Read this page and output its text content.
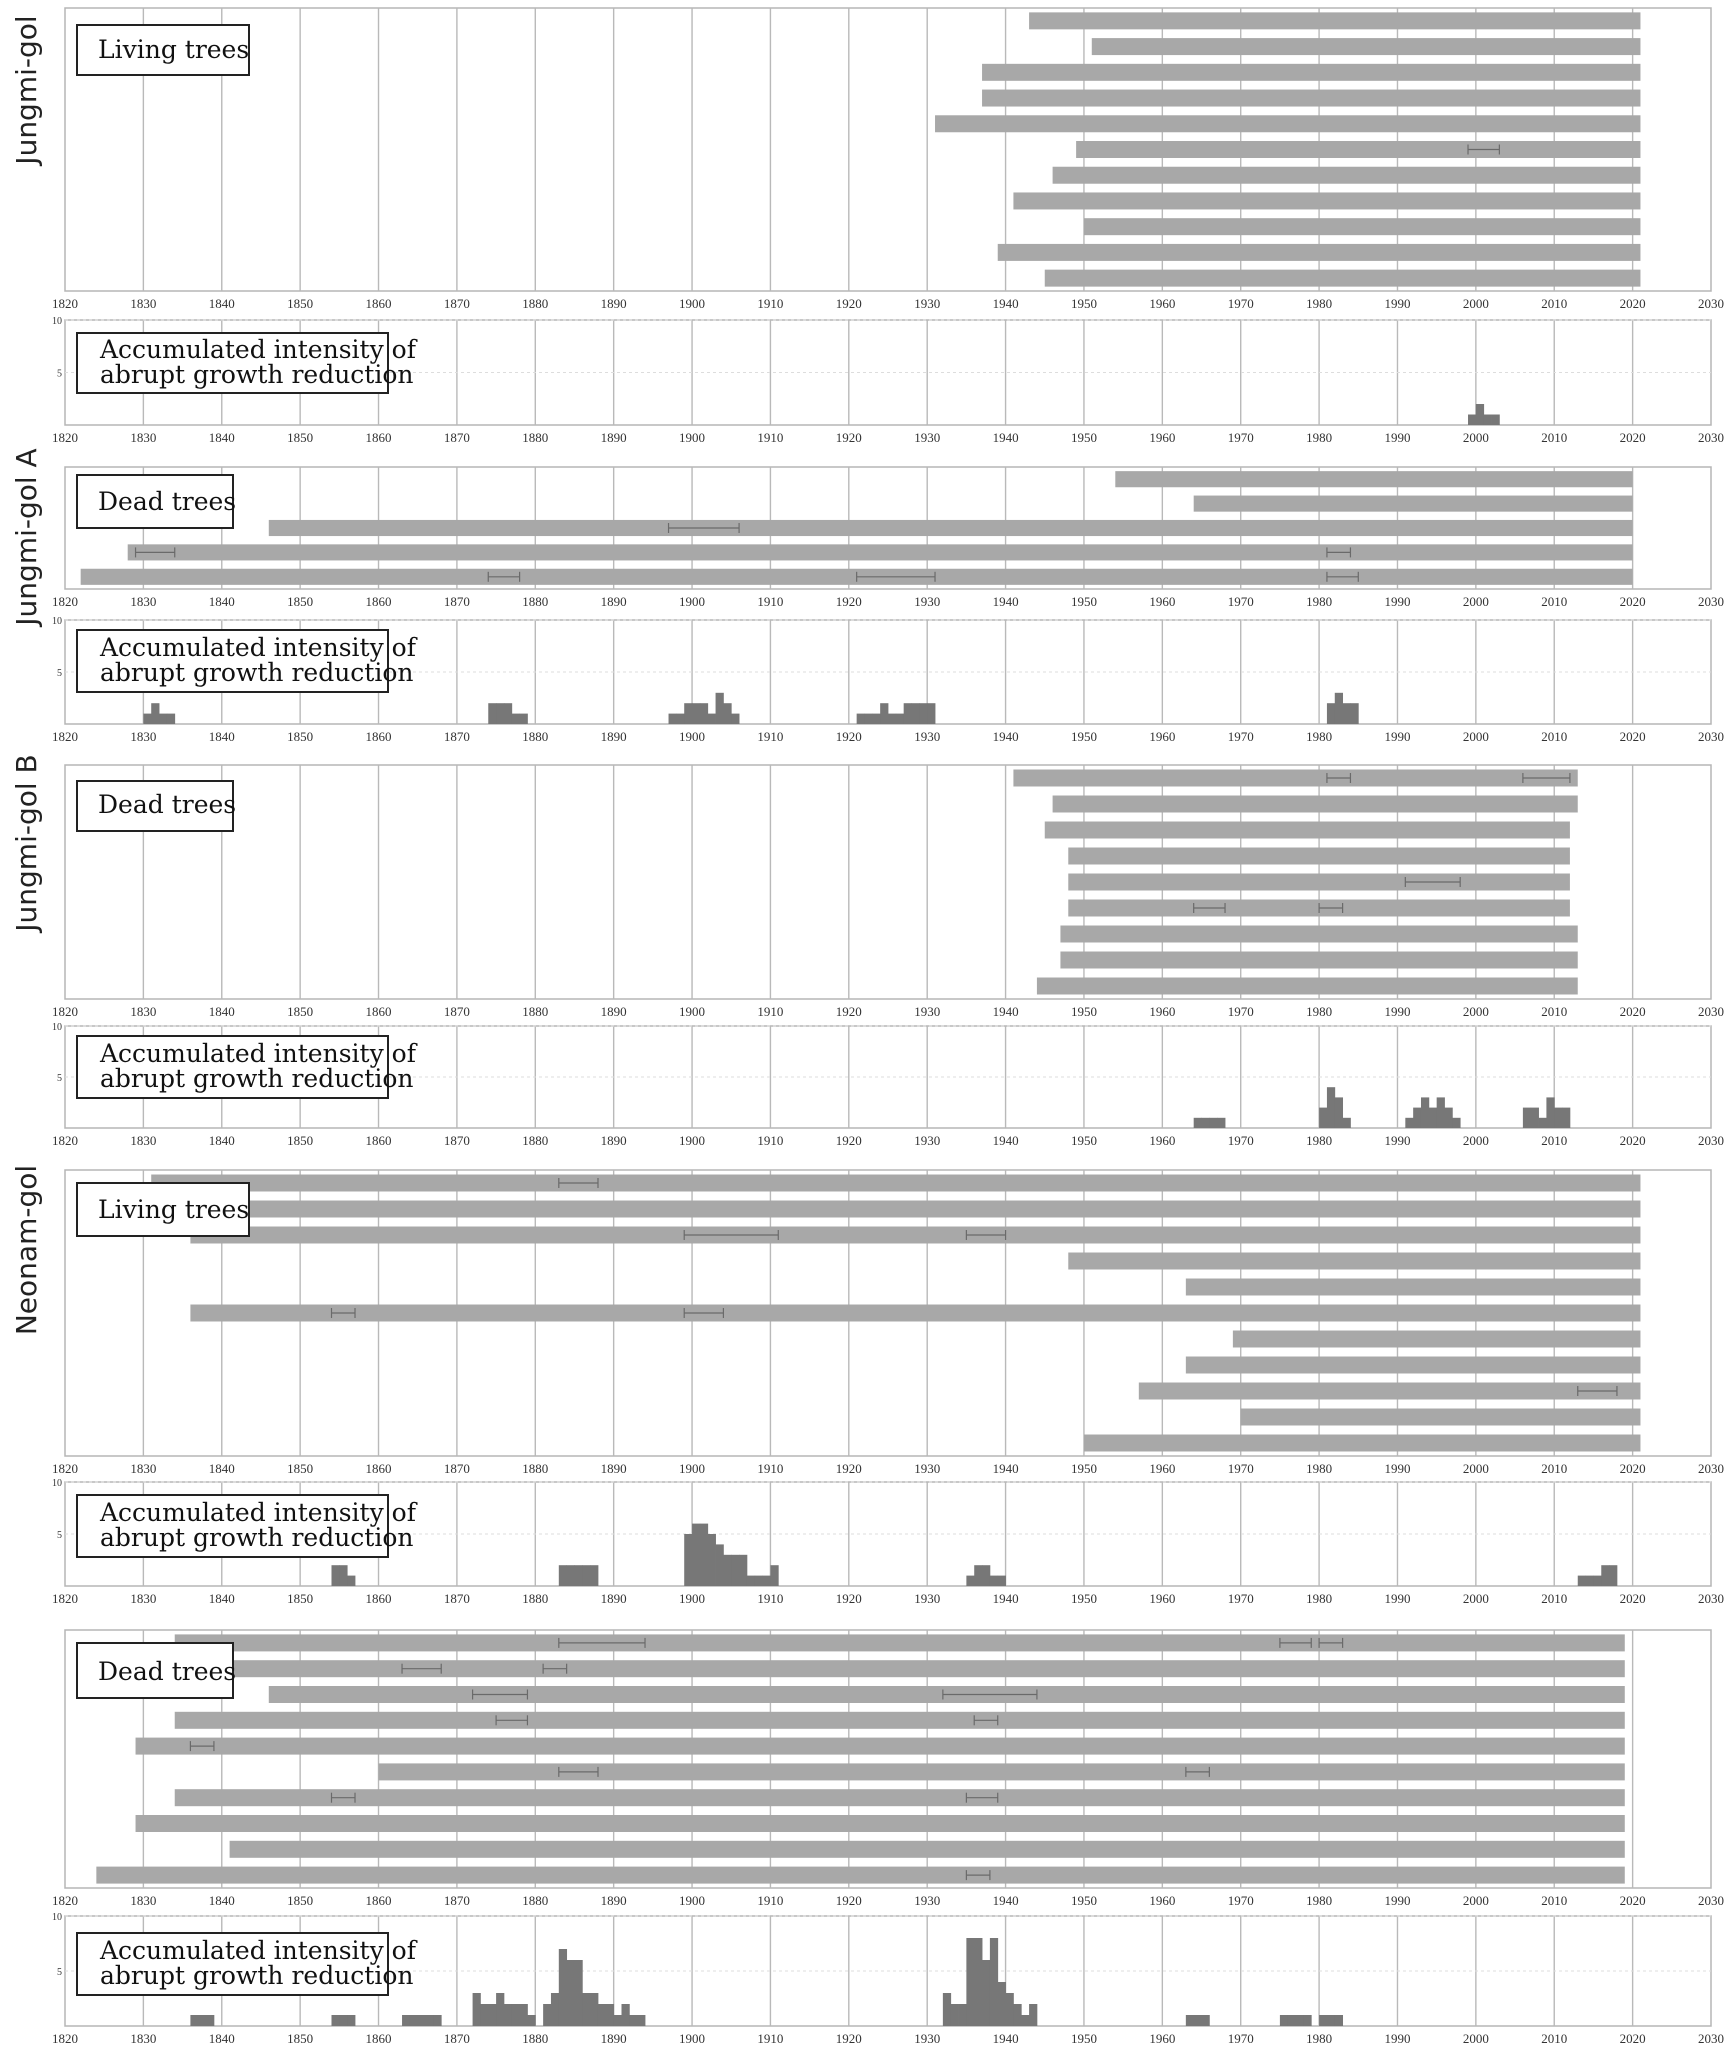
1820	1830	1840	1850	1860	1870	1880	1890	1900	1910	1920	1930	1940	1950	1960	1970	1980	1990	2000	2010	2020	2030
Living trees
Jungmi-gol
1820	1830	1840	1850	1860	1870	1880	1890	1900	1910	1920	1930	1940	1950	1960	1970	1980	1990	2000	2010	2020	2030
5
10
Accumulated intensity of abrupt growth reduction
1820	1830	1840	1850	1860	1870	1880	1890	1900	1910	1920	1930	1940	1950	1960	1970	1980	1990	2000	2010	2020	2030
Dead trees
Jungmi-gol A
1820	1830	1840	1850	1860	1870	1880	1890	1900	1910	1920	1930	1940	1950	1960	1970	1980	1990	2000	2010	2020	2030
5
10
Accumulated intensity of abrupt growth reduction
1820	1830	1840	1850	1860	1870	1880	1890	1900	1910	1920	1930	1940	1950	1960	1970	1980	1990	2000	2010	2020	2030
Dead trees
Jungmi-gol B
1820	1830	1840	1850	1860	1870	1880	1890	1900	1910	1920	1930	1940	1950	1960	1970	1980	1990	2000	2010	2020	2030
5
10
Accumulated intensity of abrupt growth reduction
1820	1830	1840	1850	1860	1870	1880	1890	1900	1910	1920	1930	1940	1950	1960	1970	1980	1990	2000	2010	2020	2030
Living trees
Neonam-gol
1820	1830	1840	1850	1860	1870	1880	1890	1900	1910	1920	1930	1940	1950	1960	1970	1980	1990	2000	2010	2020	2030
5
10
Accumulated intensity of abrupt growth reduction
1820	1830	1840	1850	1860	1870	1880	1890	1900	1910	1920	1930	1940	1950	1960	1970	1980	1990	2000	2010	2020	2030
Dead trees
1820	1830	1840	1850	1860	1870	1880	1890	1900	1910	1920	1930	1940	1950	1960	1970	1980	1990	2000	2010	2020	2030
5
10
Accumulated intensity of abrupt growth reduction
